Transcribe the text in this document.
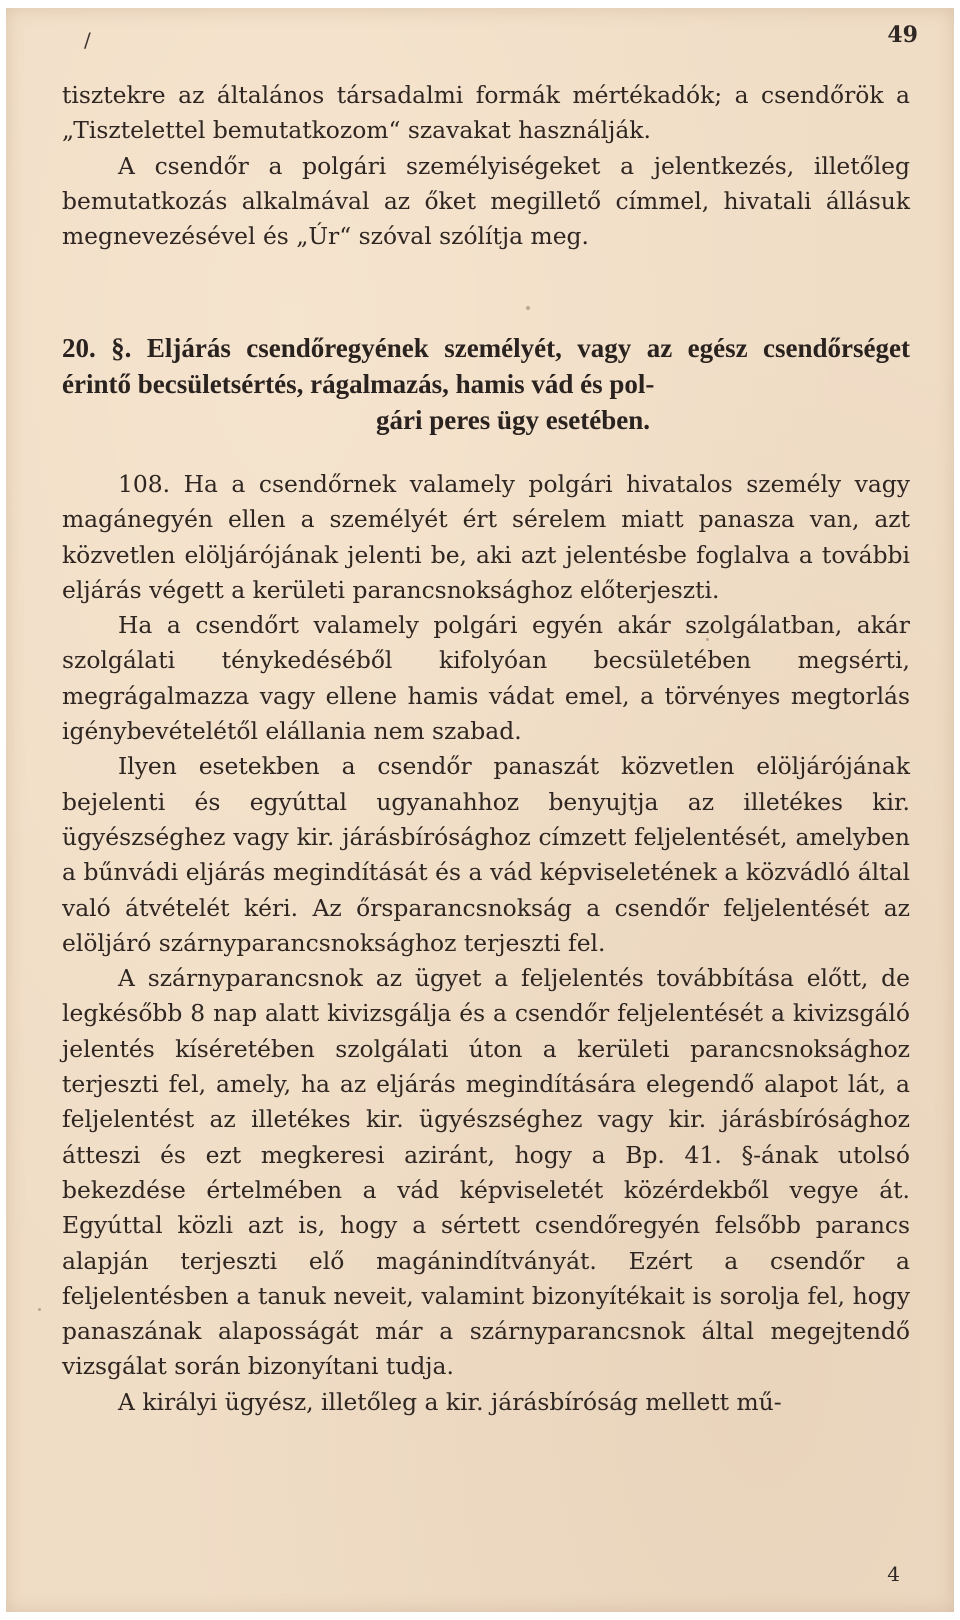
/	49

tisztekre az általános társadalmi formák mértékadók; a csendőrök a „Tisztelettel bemutatkozom“ szavakat használják.

A csendőr a polgári személyiségeket a jelentkezés, illetőleg bemutatkozás alkalmával az őket megillető címmel, hivatali állásuk megnevezésével és „Úr“ szóval szólítja meg.

20. §. Eljárás csendőregyének személyét, vagy az egész csendőrséget érintő becsületsértés, rágalmazás, hamis vád és pol-
gári peres ügy esetében.

108. Ha a csendőrnek valamely polgári hivatalos személy vagy magánegyén ellen a személyét ért sérelem miatt panasza van, azt közvetlen elöljárójának jelenti be, aki azt jelentésbe foglalva a további eljárás végett a kerületi parancsnoksághoz előterjeszti.

Ha a csendőrt valamely polgári egyén akár szolgálatban, akár szolgálati ténykedéséből kifolyóan becsületében megsérti, megrágalmazza vagy ellene hamis vádat emel, a törvényes megtorlás igénybevételétől elállania nem szabad.

Ilyen esetekben a csendőr panaszát közvetlen elöljárójának bejelenti és egyúttal ugyanahhoz benyujtja az illetékes kir. ügyészséghez vagy kir. járásbírósághoz címzett feljelentését, amelyben a bűnvádi eljárás megindítását és a vád képviseletének a közvádló által való átvételét kéri. Az őrsparancsnokság a csendőr feljelentését az elöljáró szárnyparancsnoksághoz terjeszti fel.

A szárnyparancsnok az ügyet a feljelentés továbbítása előtt, de legkésőbb 8 nap alatt kivizsgálja és a csendőr feljelentését a kivizsgáló jelentés kíséretében szolgálati úton a kerületi parancsnoksághoz terjeszti fel, amely, ha az eljárás megindítására elegendő alapot lát, a feljelentést az illetékes kir. ügyészséghez vagy kir. járásbírósághoz átteszi és ezt megkeresi aziránt, hogy a Bp. 41. §-ának utolsó bekezdése értelmében a vád képviseletét közérdekből vegye át. Egyúttal közli azt is, hogy a sértett csendőregyén felsőbb parancs alapján terjeszti elő magánindítványát. Ezért a csendőr a feljelentésben a tanuk neveit, valamint bizonyítékait is sorolja fel, hogy panaszának alaposságát már a szárnyparancsnok által megejtendő vizsgálat során bizonyítani tudja.

A királyi ügyész, illetőleg a kir. járásbíróság mellett mű-

4
